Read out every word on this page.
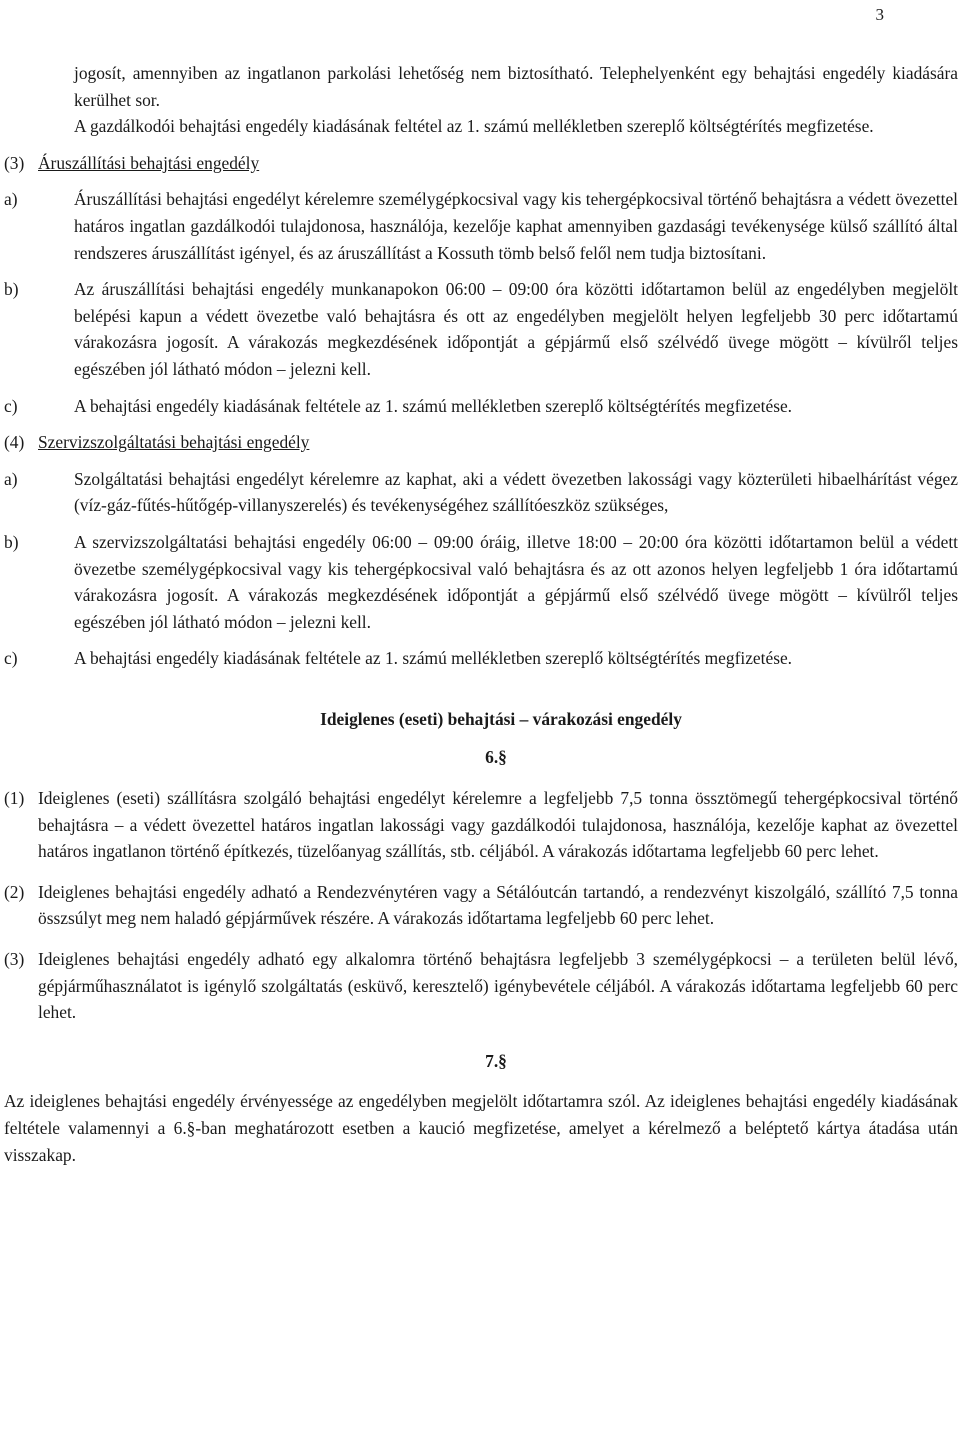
3

jogosít, amennyiben az ingatlanon parkolási lehetőség nem biztosítható. Telephelyenként egy behajtási engedély kiadására kerülhet sor.

A gazdálkodói behajtási engedély kiadásának feltétel az 1. számú mellékletben szereplő költségtérítés megfizetése.

(3) Áruszállítási behajtási engedély

a)	Áruszállítási behajtási engedélyt kérelemre személygépkocsival vagy kis tehergépkocsival történő behajtásra a védett övezettel határos ingatlan gazdálkodói tulajdonosa, használója, kezelője kaphat amennyiben gazdasági tevékenysége külső szállító által rendszeres áruszállítást igényel, és az áruszállítást a Kossuth tömb belső felől nem tudja biztosítani.
b)	Az áruszállítási behajtási engedély munkanapokon 06:00 – 09:00 óra közötti időtartamon belül az engedélyben megjelölt belépési kapun a védett övezetbe való behajtásra és ott az engedélyben megjelölt helyen legfeljebb 30 perc időtartamú várakozásra jogosít. A várakozás megkezdésének időpontját a gépjármű első szélvédő üvege mögött – kívülről teljes egészében jól látható módon – jelezni kell.
c)	A behajtási engedély kiadásának feltétele az 1. számú mellékletben szereplő költségtérítés megfizetése.

(4) Szervizszolgáltatási behajtási engedély

a)	Szolgáltatási behajtási engedélyt kérelemre az kaphat, aki a védett övezetben lakossági vagy közterületi hibaelhárítást végez (víz-gáz-fűtés-hűtőgép-villanyszerelés) és tevékenységéhez szállítóeszköz szükséges,
b)	A szervizszolgáltatási behajtási engedély 06:00 – 09:00 óráig, illetve 18:00 – 20:00 óra közötti időtartamon belül a védett övezetbe személygépkocsival vagy kis tehergépkocsival való behajtásra és az ott azonos helyen legfeljebb 1 óra időtartamú várakozásra jogosít. A várakozás megkezdésének időpontját a gépjármű első szélvédő üvege mögött – kívülről teljes egészében jól látható módon – jelezni kell.
c)	A behajtási engedély kiadásának feltétele az 1. számú mellékletben szereplő költségtérítés megfizetése.

Ideiglenes (eseti) behajtási – várakozási engedély

6.§

(1) Ideiglenes (eseti) szállításra szolgáló behajtási engedélyt kérelemre a legfeljebb 7,5 tonna össztömegű tehergépkocsival történő behajtásra – a védett övezettel határos ingatlan lakossági vagy gazdálkodói tulajdonosa, használója, kezelője kaphat az övezettel határos ingatlanon történő építkezés, tüzelőanyag szállítás, stb. céljából. A várakozás időtartama legfeljebb 60 perc lehet.
(2) Ideiglenes behajtási engedély adható a Rendezvénytéren vagy a Sétálóutcán tartandó, a rendezvényt kiszolgáló, szállító 7,5 tonna összsúlyt meg nem haladó gépjárművek részére. A várakozás időtartama legfeljebb 60 perc lehet.
(3) Ideiglenes behajtási engedély adható egy alkalomra történő behajtásra legfeljebb 3 személygépkocsi – a területen belül lévő, gépjárműhasználatot is igénylő szolgáltatás (esküvő, keresztelő) igénybevétele céljából. A várakozás időtartama legfeljebb 60 perc lehet.

7.§

Az ideiglenes behajtási engedély érvényessége az engedélyben megjelölt időtartamra szól. Az ideiglenes behajtási engedély kiadásának feltétele valamennyi a 6.§-ban meghatározott esetben a kaució megfizetése, amelyet a kérelmező a beléptető kártya átadása után visszakap.
